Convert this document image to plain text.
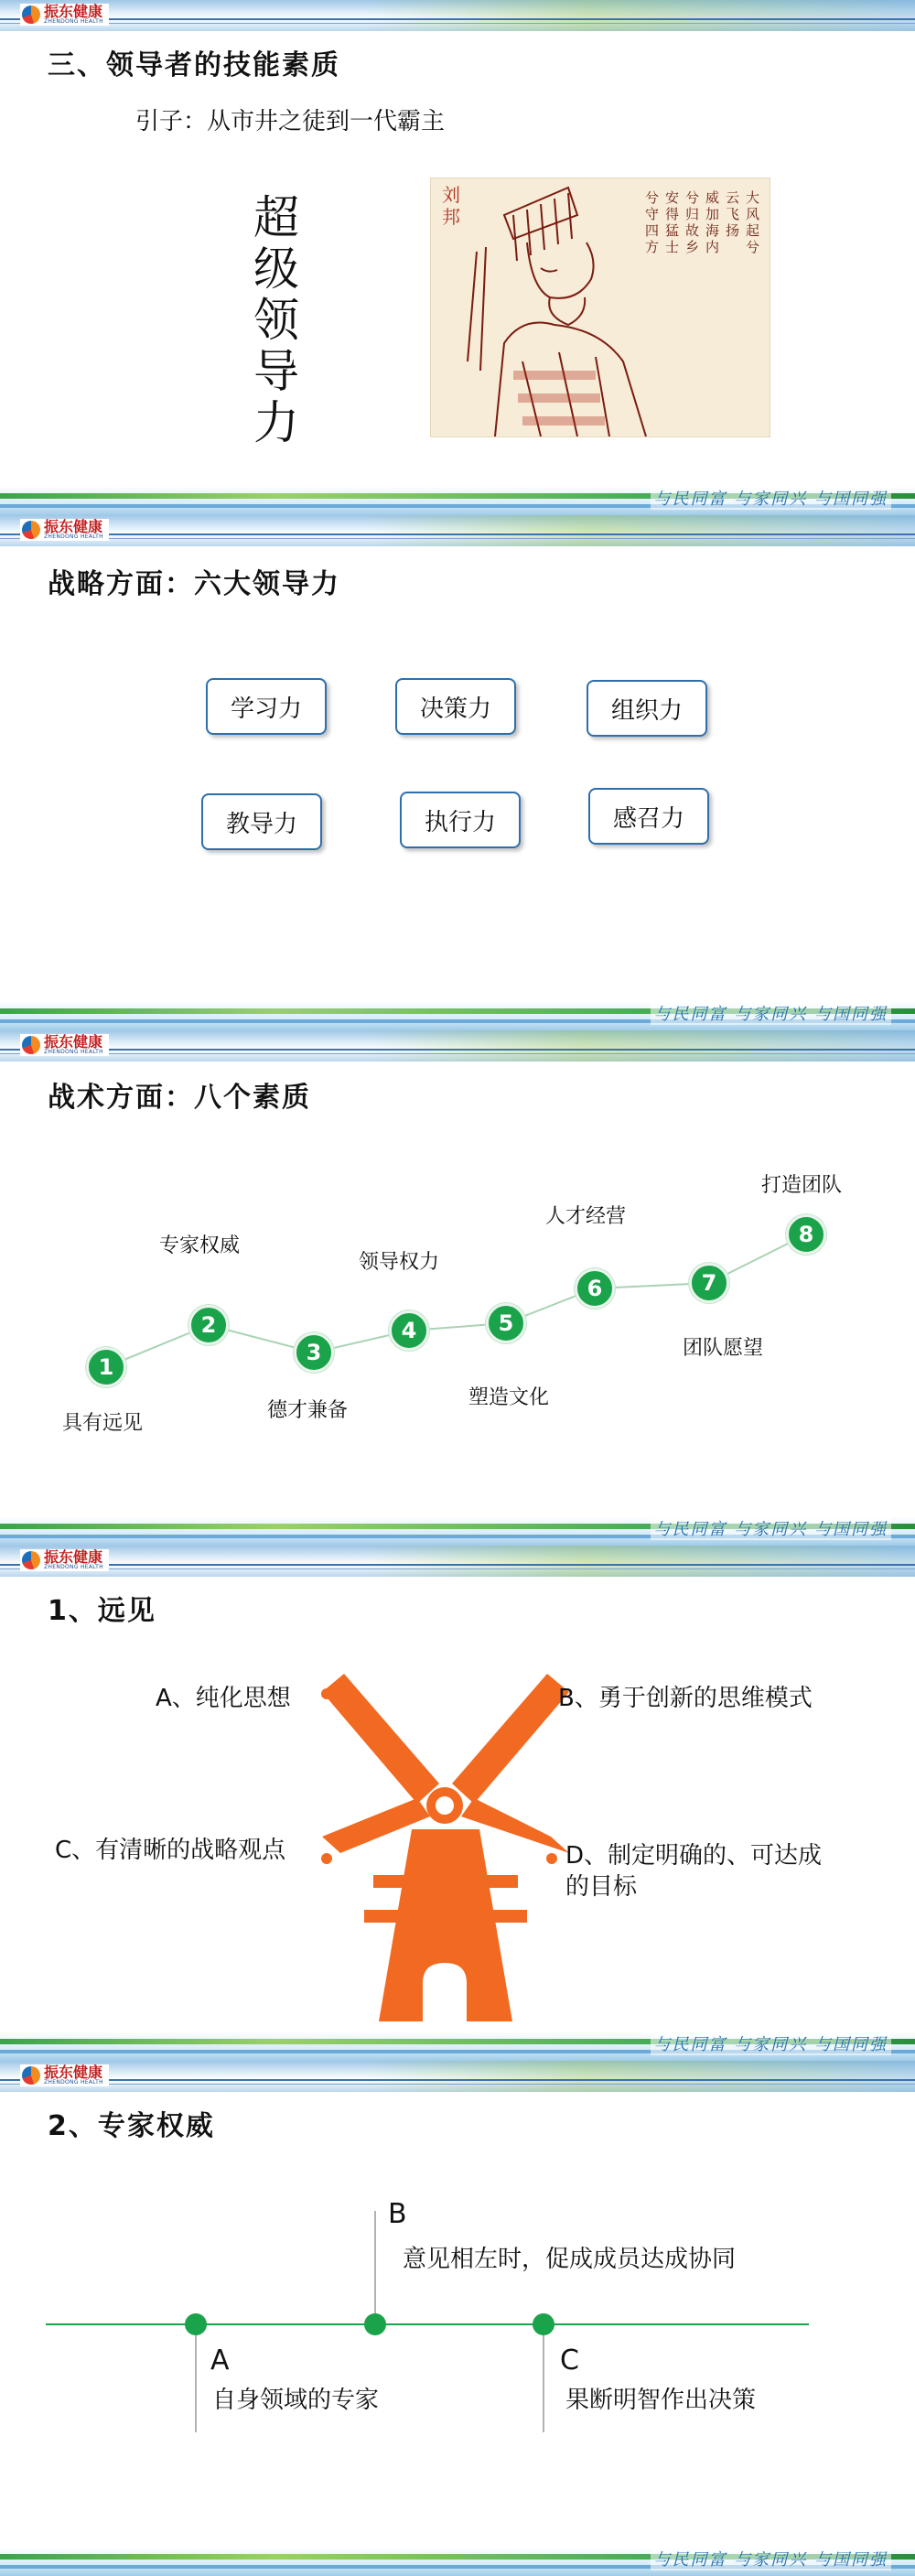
振东健康
ZHENDONG HEALTH
三、领导者的技能素质
引子：从市井之徒到一代霸主
超级领导力
刘邦
大风起兮
云飞扬
威加海内
兮归故乡
安得猛士
兮守四方
与民同富 与家同兴 与国同强
振东健康
ZHENDONG HEALTH
战略方面：六大领导力
学习力	决策力	组织力
教导力	执行力	感召力
与民同富 与家同兴 与国同强
振东健康
ZHENDONG HEALTH
战术方面：八个素质
1
2
3
4	5
6	7
8
具有远见
专家权威
德才兼备
领导权力
塑造文化
人才经营
团队愿望
打造团队
与民同富 与家同兴 与国同强
振东健康
ZHENDONG HEALTH
1、远见
A、纯化思想	B、勇于创新的思维模式
C、有清晰的战略观点	D、制定明确的、可达成
的目标
与民同富 与家同兴 与国同强
振东健康
ZHENDONG HEALTH
2、专家权威
A
自身领域的专家
B
意见相左时，促成成员达成协同
C
果断明智作出决策
与民同富 与家同兴 与国同强
